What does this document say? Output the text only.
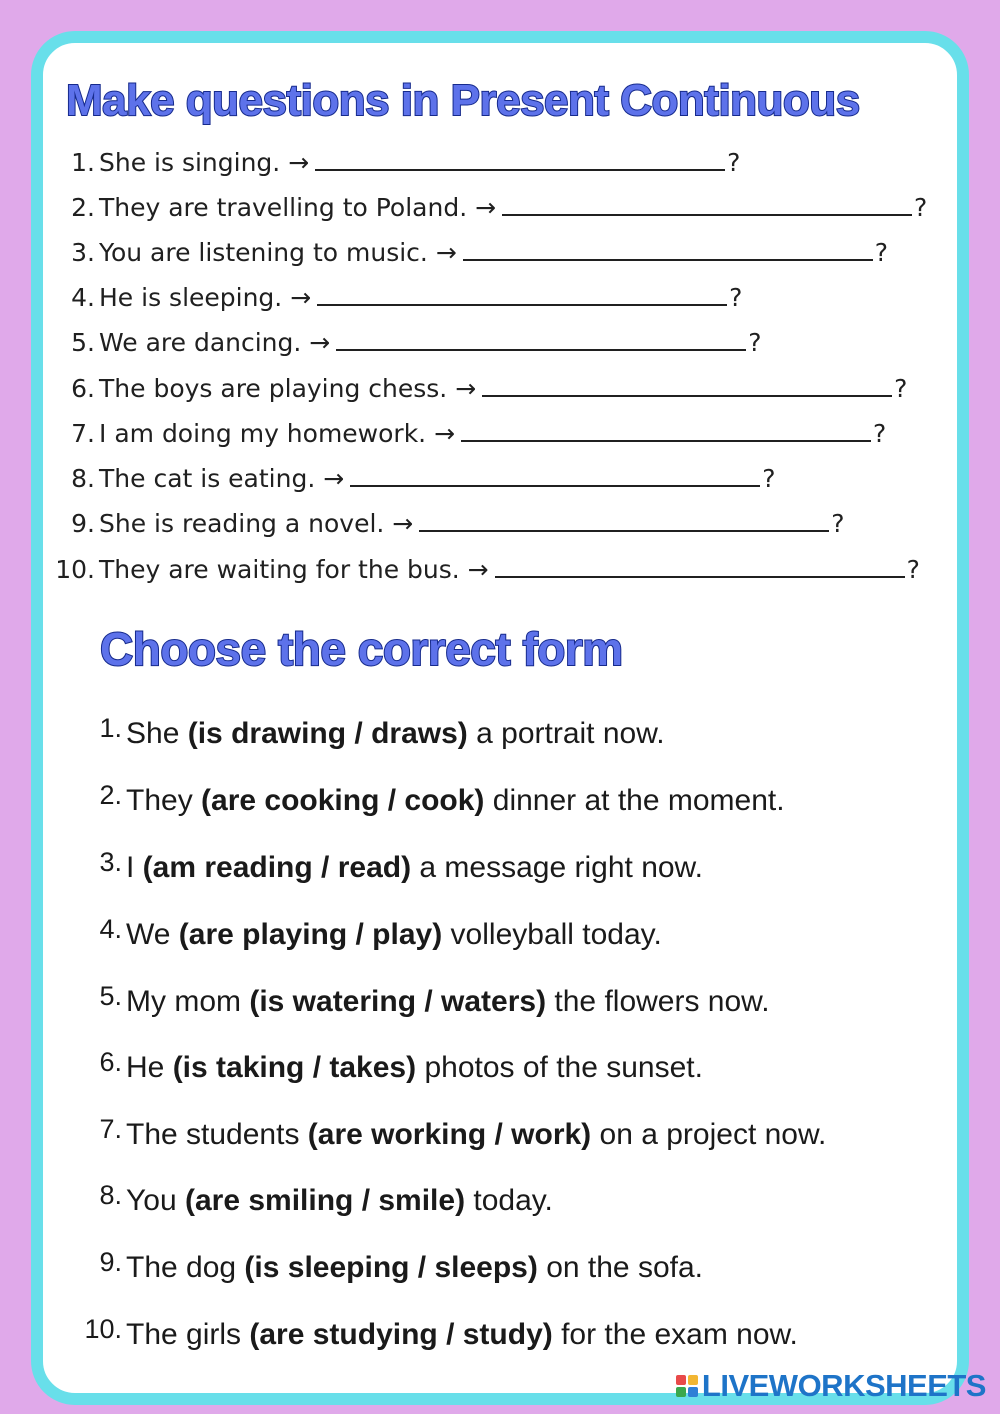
Make questions in Present Continuous
1. She is singing. →	?
2. They are travelling to Poland. →	?
3. You are listening to music. →	?
4. He is sleeping. →	?
5. We are dancing. →	?
6. The boys are playing chess. →	?
7. I am doing my homework. →	?
8. The cat is eating. →	?
9. She is reading a novel. →	?
10. They are waiting for the bus. →	?
Choose the correct form
1. She (is drawing / draws) a portrait now.
2. They (are cooking / cook) dinner at the moment.
3. I (am reading / read) a message right now.
4. We (are playing / play) volleyball today.
5. My mom (is watering / waters) the flowers now.
6. He (is taking / takes) photos of the sunset.
7. The students (are working / work) on a project now.
8. You (are smiling / smile) today.
9. The dog (is sleeping / sleeps) on the sofa.
10. The girls (are studying / study) for the exam now.
LIVEWORKSHEETS
